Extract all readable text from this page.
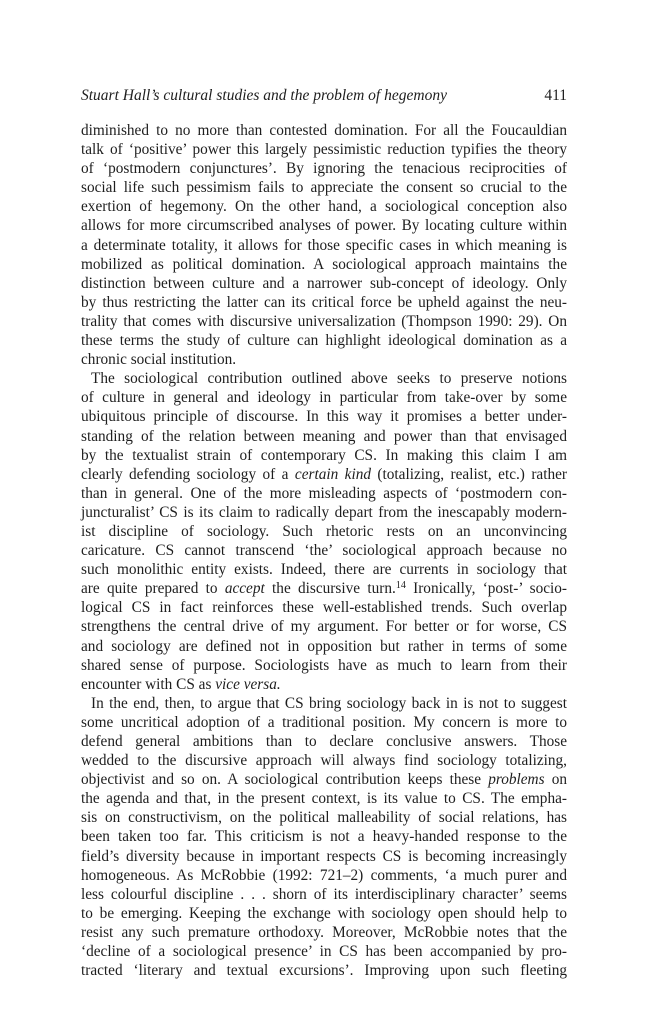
Stuart Hall’s cultural studies and the problem of hegemony	411
diminished to no more than contested domination. For all the Foucauldian
talk of ‘positive’ power this largely pessimistic reduction typifies the theory
of ‘postmodern conjunctures’. By ignoring the tenacious reciprocities of
social life such pessimism fails to appreciate the consent so crucial to the
exertion of hegemony. On the other hand, a sociological conception also
allows for more circumscribed analyses of power. By locating culture within
a determinate totality, it allows for those specific cases in which meaning is
mobilized as political domination. A sociological approach maintains the
distinction between culture and a narrower sub-concept of ideology. Only
by thus restricting the latter can its critical force be upheld against the neu-
trality that comes with discursive universalization (Thompson 1990: 29). On
these terms the study of culture can highlight ideological domination as a
chronic social institution.
The sociological contribution outlined above seeks to preserve notions
of culture in general and ideology in particular from take-over by some
ubiquitous principle of discourse. In this way it promises a better under-
standing of the relation between meaning and power than that envisaged
by the textualist strain of contemporary CS. In making this claim I am
clearly defending sociology of a certain kind (totalizing, realist, etc.) rather
than in general. One of the more misleading aspects of ‘postmodern con-
juncturalist’ CS is its claim to radically depart from the inescapably modern-
ist discipline of sociology. Such rhetoric rests on an unconvincing
caricature. CS cannot transcend ‘the’ sociological approach because no
such monolithic entity exists. Indeed, there are currents in sociology that
are quite prepared to accept the discursive turn.$^{14}$ Ironically, ‘post-’ socio-
logical CS in fact reinforces these well-established trends. Such overlap
strengthens the central drive of my argument. For better or for worse, CS
and sociology are defined not in opposition but rather in terms of some
shared sense of purpose. Sociologists have as much to learn from their
encounter with CS as vice versa.
In the end, then, to argue that CS bring sociology back in is not to suggest
some uncritical adoption of a traditional position. My concern is more to
defend general ambitions than to declare conclusive answers. Those
wedded to the discursive approach will always find sociology totalizing,
objectivist and so on. A sociological contribution keeps these problems on
the agenda and that, in the present context, is its value to CS. The empha-
sis on constructivism, on the political malleability of social relations, has
been taken too far. This criticism is not a heavy-handed response to the
field’s diversity because in important respects CS is becoming increasingly
homogeneous. As McRobbie (1992: 721–2) comments, ‘a much purer and
less colourful discipline . . . shorn of its interdisciplinary character’ seems
to be emerging. Keeping the exchange with sociology open should help to
resist any such premature orthodoxy. Moreover, McRobbie notes that the
‘decline of a sociological presence’ in CS has been accompanied by pro-
tracted ‘literary and textual excursions’. Improving upon such fleeting
